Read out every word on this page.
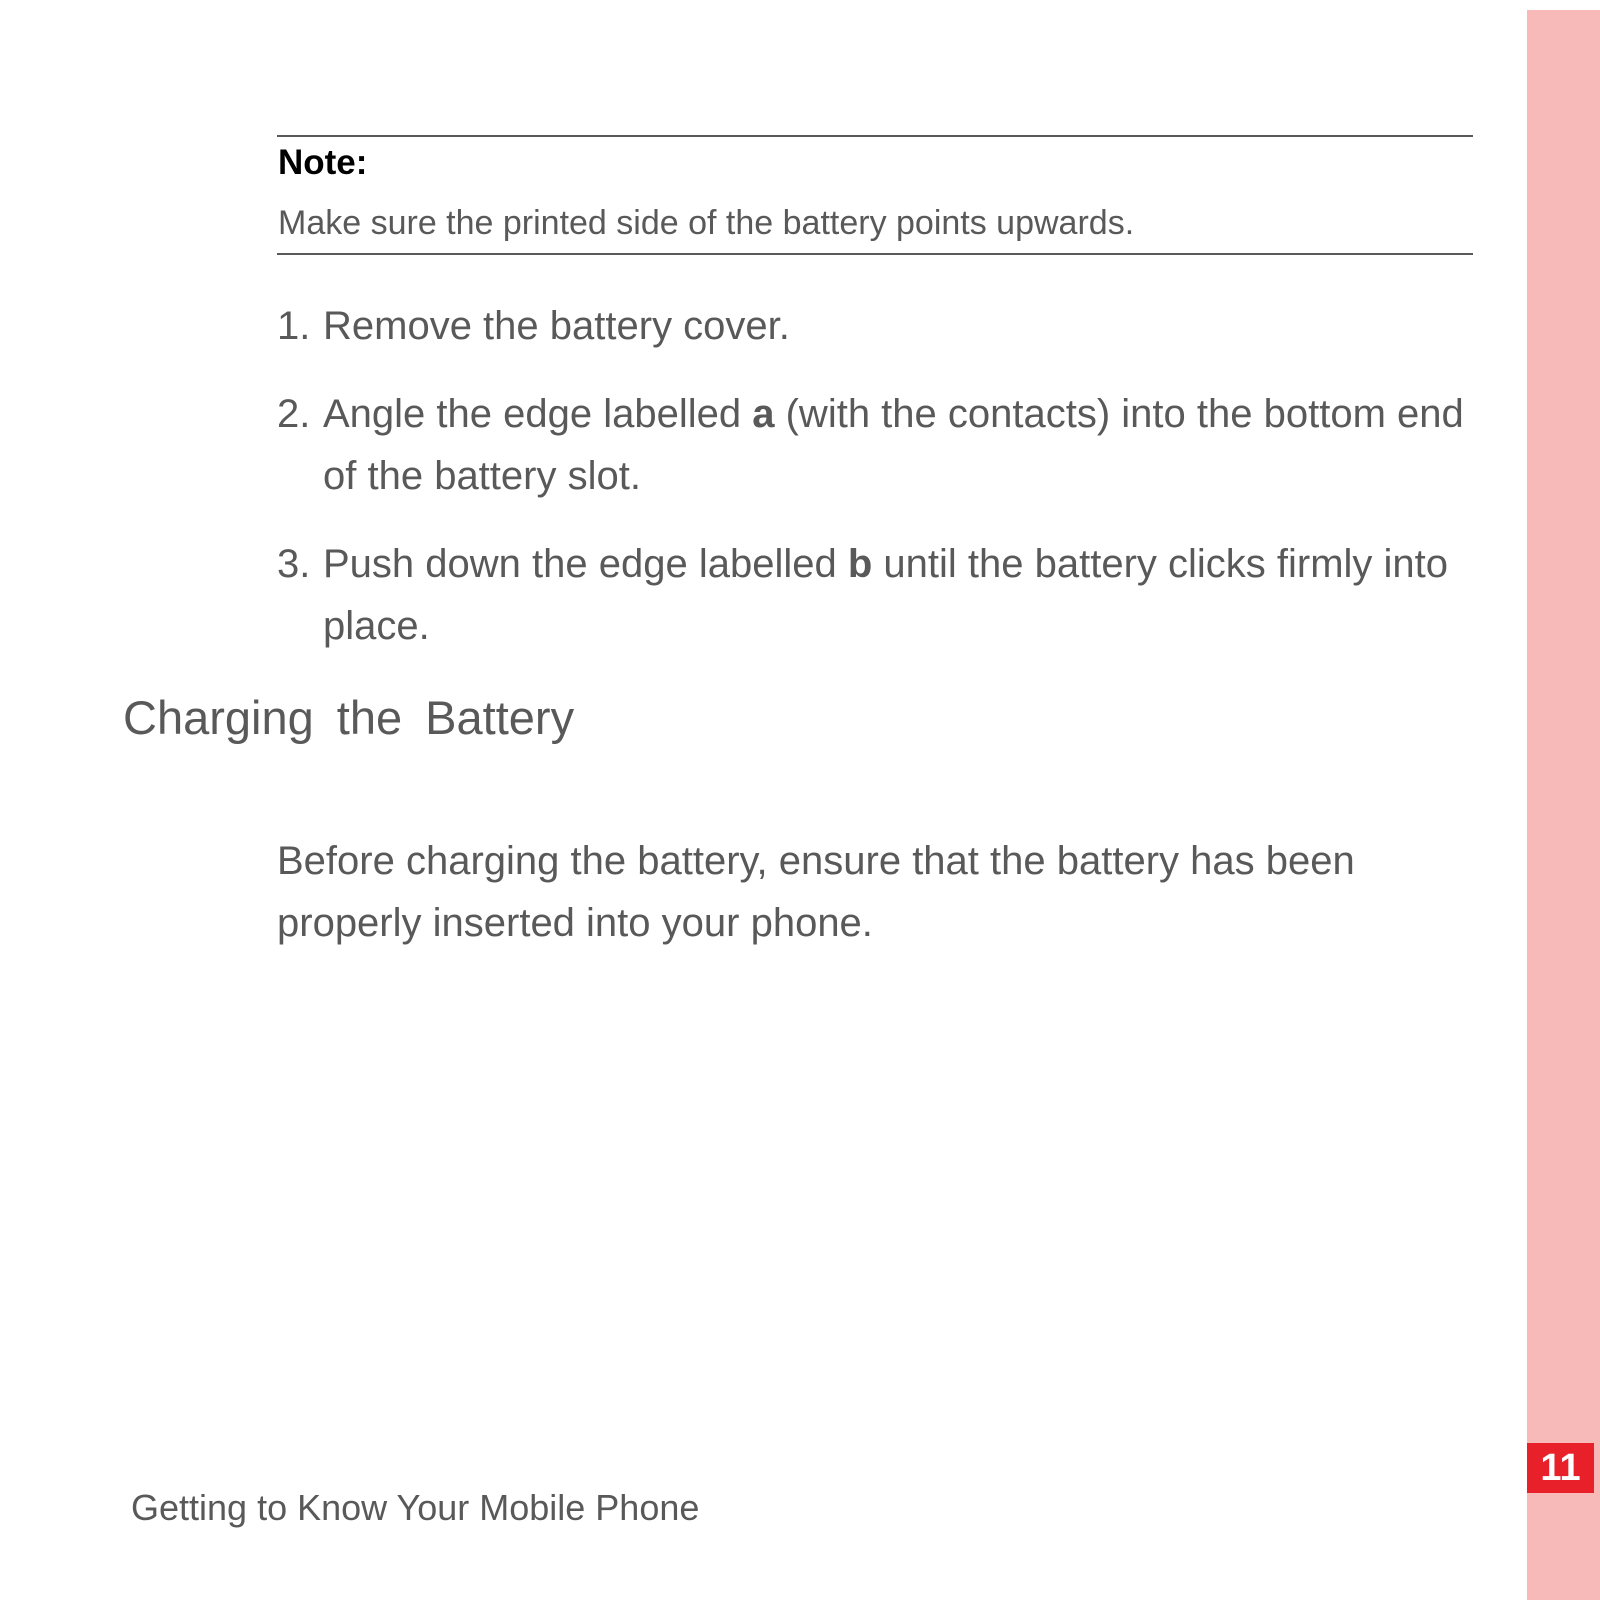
11
Note:
Make sure the printed side of the battery points upwards.
1. Remove the battery cover.
2. Angle the edge labelled a (with the contacts) into the bottom end of the battery slot.
3. Push down the edge labelled b until the battery clicks firmly into place.
Charging the Battery

Before charging the battery, ensure that the battery has been properly inserted into your phone.

Getting to Know Your Mobile Phone
